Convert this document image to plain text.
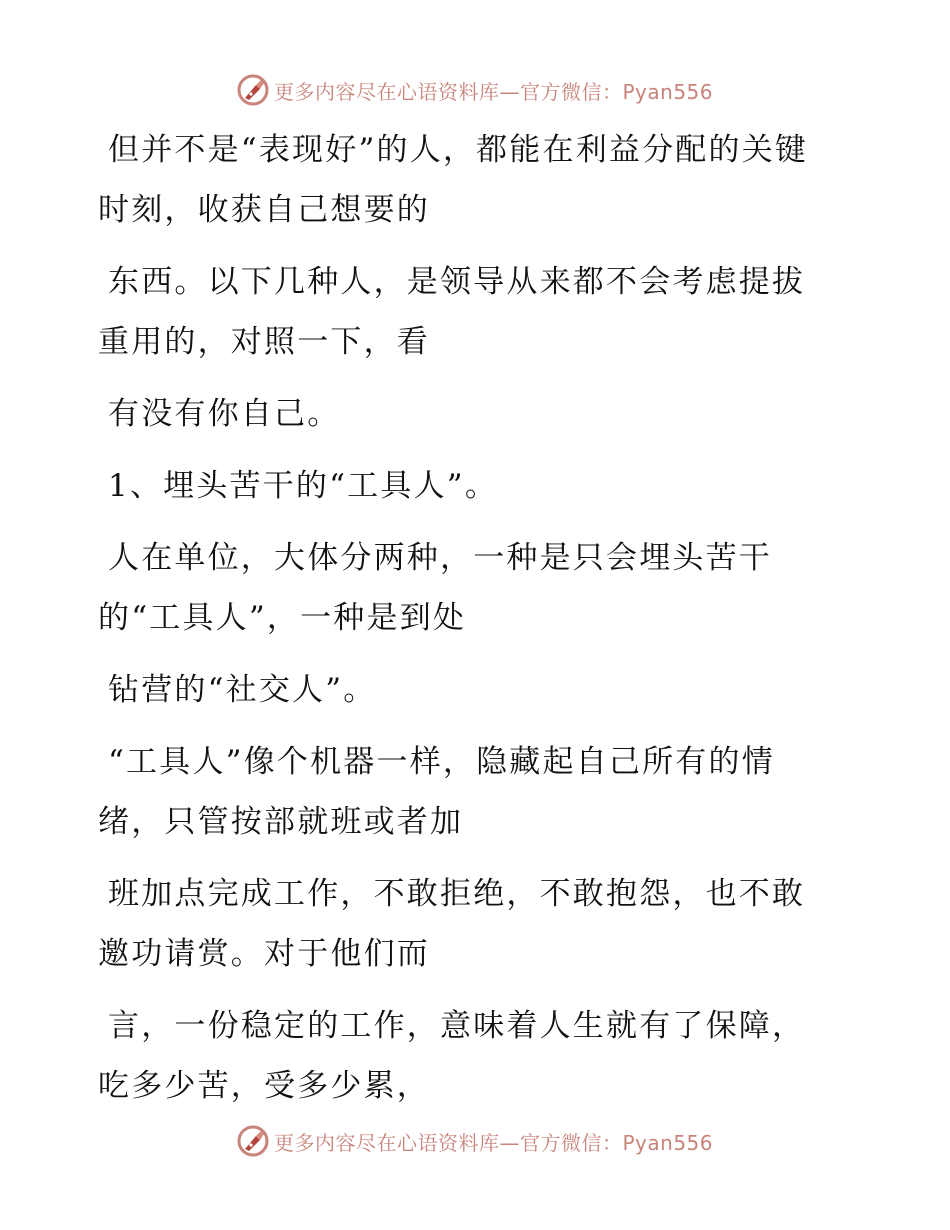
更多内容尽在心语资料库—官方微信：Pyan556

但并不是“表现好”的人，都能在利益分配的关键时刻，收获自己想要的

东西。以下几种人，是领导从来都不会考虑提拔重用的，对照一下，看

有没有你自己。

1、埋头苦干的“工具人”。

人在单位，大体分两种，一种是只会埋头苦干的“工具人”，一种是到处

钻营的“社交人”。

“工具人”像个机器一样，隐藏起自己所有的情绪，只管按部就班或者加

班加点完成工作，不敢拒绝，不敢抱怨，也不敢邀功请赏。对于他们而

言，一份稳定的工作，意味着人生就有了保障，吃多少苦，受多少累，

更多内容尽在心语资料库—官方微信：Pyan556
